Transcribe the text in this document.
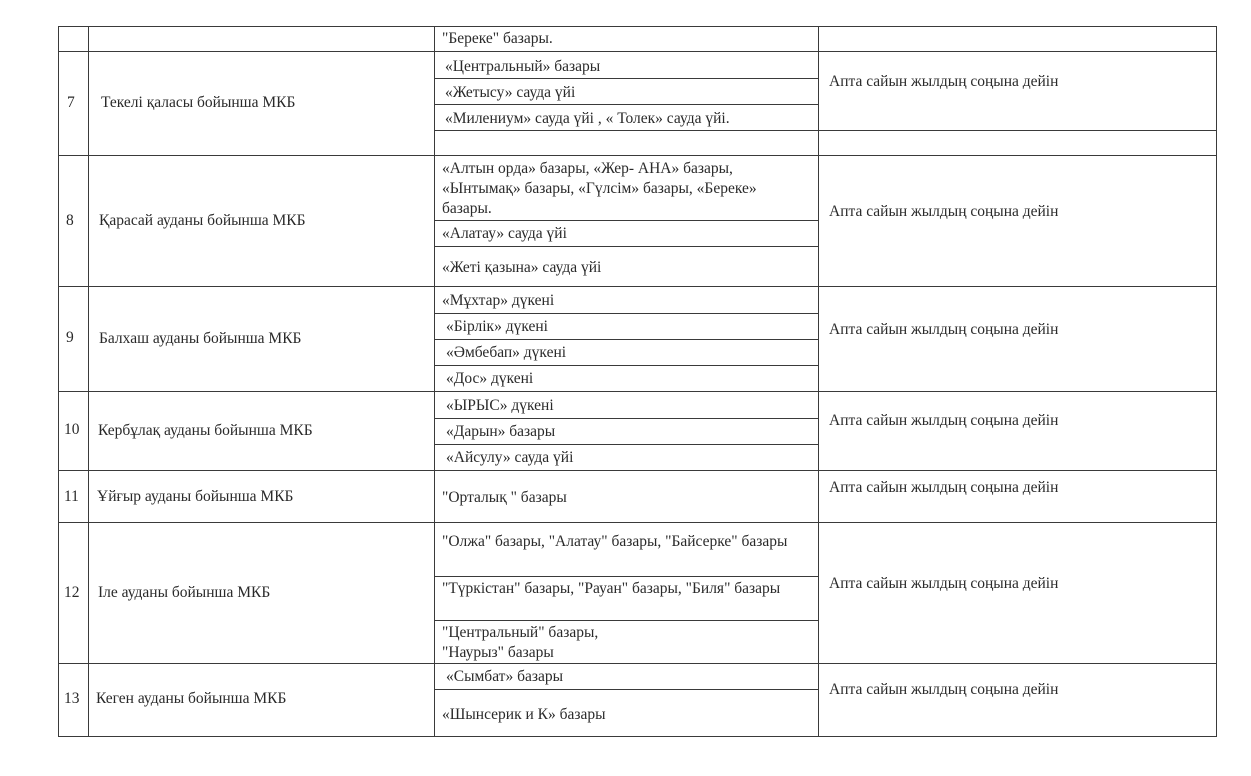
"Береке" базары.
7 Текелі қаласы бойынша МКБ
«Центральный» базары
«Жетысу» сауда үйі
«Милениум» сауда үйі , « Толек» сауда үйі.
Апта сайын жылдың соңына дейін
8 Қарасай ауданы бойынша МКБ
«Алтын орда» базары, «Жер- АНА» базары, «Ынтымақ» базары, «Гүлсім» базары, «Береке» базары.
«Алатау» сауда үйі
«Жеті қазына» сауда үйі
Апта сайын жылдың соңына дейін
9 Балхаш ауданы бойынша МКБ
«Мұхтар» дүкені
«Бірлік» дүкені
«Әмбебап» дүкені
«Дос» дүкені
Апта сайын жылдың соңына дейін
10 Кербұлақ ауданы бойынша МКБ
«ЫРЫС» дүкені
«Дарын» базары
«Айсулу» сауда үйі
Апта сайын жылдың соңына дейін
11 Ұйғыр ауданы бойынша МКБ	"Орталық " базары
Апта сайын жылдың соңына дейін
12 Іле ауданы бойынша МКБ
"Олжа" базары, "Алатау" базары, "Байсерке" базары
"Түркістан" базары, "Рауан" базары, "Биля" базары
"Центральный" базары, "Наурыз" базары
Апта сайын жылдың соңына дейін
13 Кеген ауданы бойынша МКБ
«Сымбат» базары
«Шынсерик и К» базары
Апта сайын жылдың соңына дейін
